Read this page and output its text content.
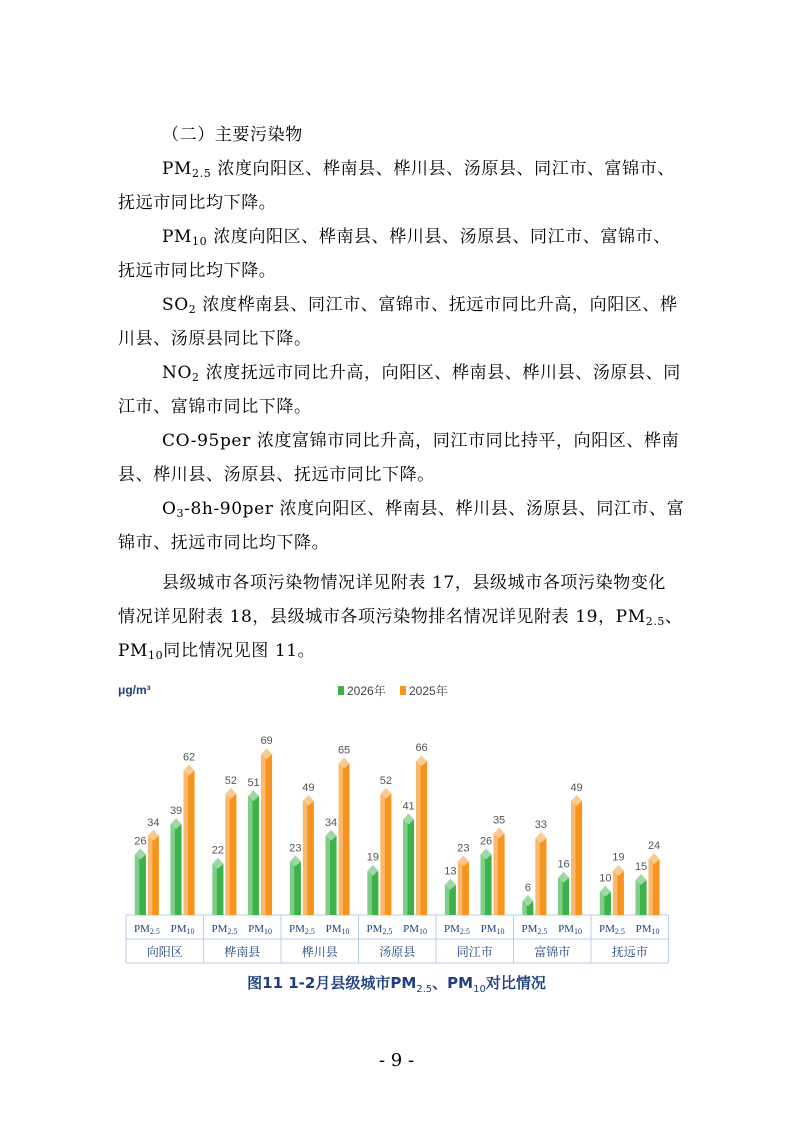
（二）主要污染物
$PM_{2.5}$ 浓度向阳区、桦南县、桦川县、汤原县、同江市、富锦市、
抚远市同比均下降。
$PM_{10}$ 浓度向阳区、桦南县、桦川县、汤原县、同江市、富锦市、
抚远市同比均下降。
$SO_2$ 浓度桦南县、同江市、富锦市、抚远市同比升高，向阳区、桦
川县、汤原县同比下降。
$NO_2$ 浓度抚远市同比升高，向阳区、桦南县、桦川县、汤原县、同
江市、富锦市同比下降。
CO-95per 浓度富锦市同比升高，同江市同比持平，向阳区、桦南
县、桦川县、汤原县、抚远市同比下降。
$O_3-8h-90per$ 浓度向阳区、桦南县、桦川县、汤原县、同江市、富
锦市、抚远市同比均下降。
县级城市各项污染物情况详见附表 17，县级城市各项污染物变化
情况详见附表 18，县级城市各项污染物排名情况详见附表 19，$PM_{2.5}$、
$PM_{10}$同比情况见图 11。
μg/m³	2026年 2025年
26
34
PM2.5
39
62
PM10
向阳区
22
52
PM2.5
51
69
PM10
桦南县
23
49
PM2.5
34
65
PM10
桦川县
19
52
PM2.5
41
66
PM10
汤原县
13
23
PM2.5
26
35
PM10
同江市
6
33
PM2.5
16
49
PM10
富锦市
10
19
PM2.5
15
24
PM10
抚远市
图11 1-2月县级城市$PM_{2.5}$、$PM_{10}$对比情况
- 9 -
